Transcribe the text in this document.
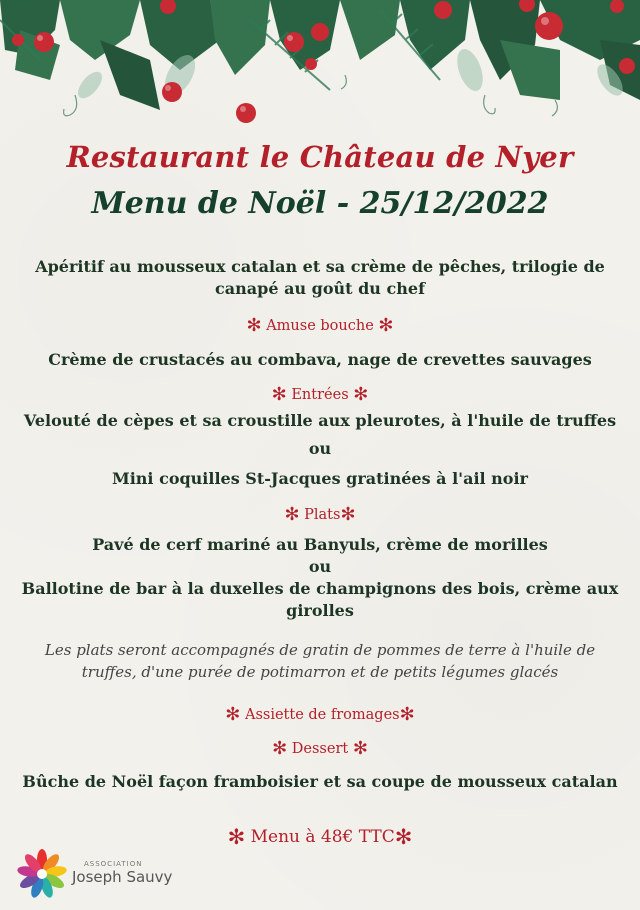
Restaurant le Château de Nyer
Menu de Noël - 25/12/2022
Apéritif au mousseux catalan et sa crème de pêches, trilogie de canapé au goût du chef
✻ Amuse bouche ✻
Crème de crustacés au combava, nage de crevettes sauvages
✻ Entrées ✻
Velouté de cèpes et sa croustille aux pleurotes, à l'huile de truffes
ou
Mini coquilles St-Jacques gratinées à l'ail noir
✻ Plats✻
Pavé de cerf mariné au Banyuls, crème de morilles
ou
Ballotine de bar à la duxelles de champignons des bois, crème aux girolles
Les plats seront accompagnés de gratin de pommes de terre à l'huile de truffes, d'une purée de potimarron et de petits légumes glacés
✻ Assiette de fromages✻
✻ Dessert ✻
Bûche de Noël façon framboisier et sa coupe de mousseux catalan
✻ Menu à 48€ TTC✻
ASSOCIATION
Joseph Sauvy
